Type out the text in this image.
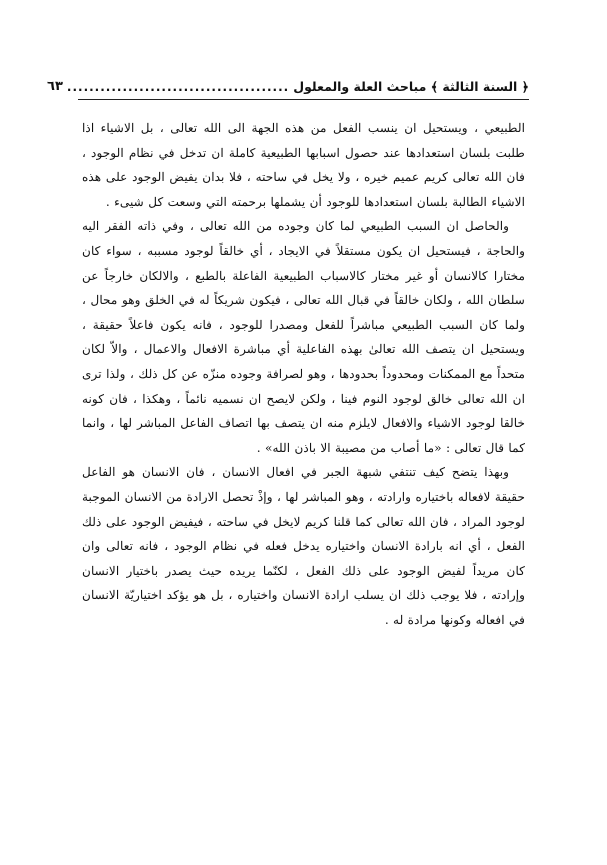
﴿ السنة الثالثة ﴾ مباحث العلة والمعلول
........................................
٦٣

الطبيعي ، ويستحيل ان ينسب الفعل من هذه الجهة الى الله تعالى ، بل الاشياء اذا طلبت بلسان استعدادها عند حصول اسبابها الطبيعية كاملة ان تدخل في نظام الوجود ، فان الله تعالى كريم عميم خيره ، ولا يخل في ساحته ، فلا بدان يفيض الوجود على هذه الاشياء الطالبة بلسان استعدادها للوجود أن يشملها برحمته التي وسعت كل شيىء .

والحاصل ان السبب الطبيعي لما كان وجوده من الله تعالى ، وفي ذاته الفقر اليه والحاجة ، فيستحيل ان يكون مستقلاً في الايجاد ، أي خالقاً لوجود مسببه ، سواء كان مختارا كالانسان أو غير مختار كالاسباب الطبيعية الفاعلة بالطبع ، والالكان خارجاً عن سلطان الله ، ولكان خالقاً في قبال الله تعالى ، فيكون شريكاً له في الخلق وهو محال ، ولما كان السبب الطبيعي مباشراً للفعل ومصدرا للوجود ، فانه يكون فاعلاً حقيقة ، ويستحيل ان يتصف الله تعالىٰ بهذه الفاعلية أي مباشرة الافعال والاعمال ، والاّ لكان متحداً مع الممكنات ومحدوداً بحدودها ، وهو لصرافة وجوده منزّه عن كل ذلك ، ولذا ترى ان الله تعالى خالق لوجود النوم فينا ، ولكن لايصح ان نسميه نائماً ، وهكذا ، فان كونه خالقا لوجود الاشياء والافعال لايلزم منه ان يتصف بها اتصاف الفاعل المباشر لها ، وانما كما قال تعالى : «ما أصاب من مصيبة الا باذن الله» .

وبهذا يتضح كيف تنتفي شبهة الجبر في افعال الانسان ، فان الانسان هو الفاعل حقيقة لافعاله باختياره وارادته ، وهو المباشر لها ، وإذْ تحصل الارادة من الانسان الموجبة لوجود المراد ، فان الله تعالى كما قلنا كريم لايخل في ساحته ، فيفيض الوجود على ذلك الفعل ، أي انه بارادة الانسان واختياره يدخل فعله في نظام الوجود ، فانه تعالى وان كان مريداً لفيض الوجود على ذلك الفعل ، لكنّما يريده حيث يصدر باختيار الانسان وإرادته ، فلا يوجب ذلك ان يسلب ارادة الانسان واختياره ، بل هو يؤكد اختياريّة الانسان في افعاله وكونها مرادة له .
